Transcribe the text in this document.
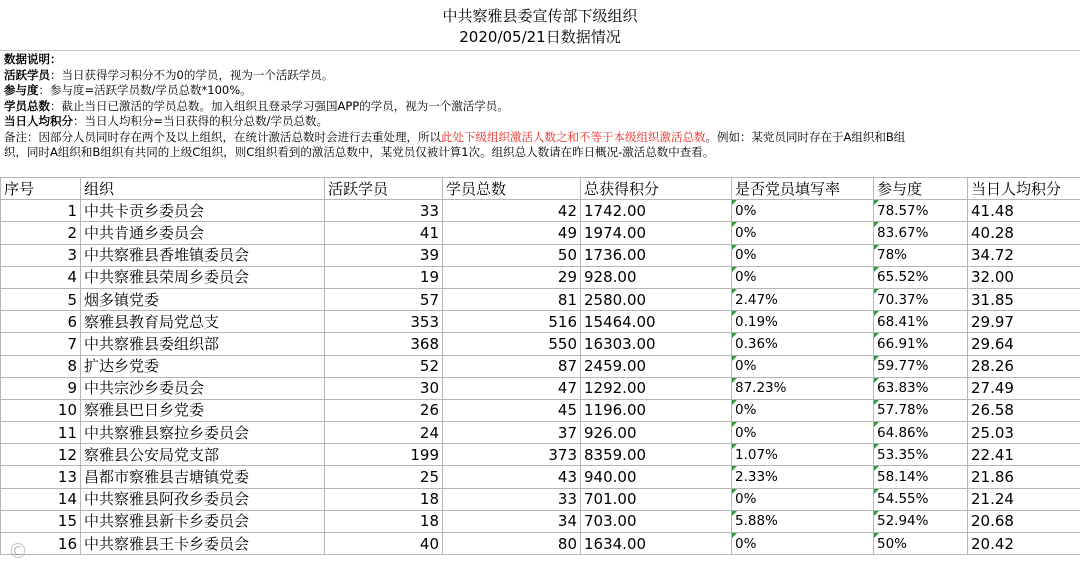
中共察雅县委宣传部下级组织
2020/05/21日数据情况
数据说明：
活跃学员：当日获得学习积分不为0的学员，视为一个活跃学员。
参与度：参与度=活跃学员数/学员总数*100%。
学员总数：截止当日已激活的学员总数。加入组织且登录学习强国APP的学员，视为一个激活学员。
当日人均积分：当日人均积分=当日获得的积分总数/学员总数。
备注：因部分人员同时存在两个及以上组织，在统计激活总数时会进行去重处理，所以此处下级组织激活人数之和不等于本级组织激活总数。例如：某党员同时存在于A组织和B组
织，同时A组织和B组织有共同的上级C组织，则C组织看到的激活总数中，某党员仅被计算1次。组织总人数请在昨日概况-激活总数中查看。
序号	组织	活跃学员	学员总数	总获得积分	是否党员填写率	参与度	当日人均积分
1	中共卡贡乡委员会	33	42	1742.00	0%	78.57%	41.48
2	中共肯通乡委员会	41	49	1974.00	0%	83.67%	40.28
3	中共察雅县香堆镇委员会	39	50	1736.00	0%	78%	34.72
4	中共察雅县荣周乡委员会	19	29	928.00	0%	65.52%	32.00
5	烟多镇党委	57	81	2580.00	2.47%	70.37%	31.85
6	察雅县教育局党总支	353	516	15464.00	0.19%	68.41%	29.97
7	中共察雅县委组织部	368	550	16303.00	0.36%	66.91%	29.64
8	扩达乡党委	52	87	2459.00	0%	59.77%	28.26
9	中共宗沙乡委员会	30	47	1292.00	87.23%	63.83%	27.49
10	察雅县巴日乡党委	26	45	1196.00	0%	57.78%	26.58
11	中共察雅县察拉乡委员会	24	37	926.00	0%	64.86%	25.03
12	察雅县公安局党支部	199	373	8359.00	1.07%	53.35%	22.41
13	昌都市察雅县吉塘镇党委	25	43	940.00	2.33%	58.14%	21.86
14	中共察雅县阿孜乡委员会	18	33	701.00	0%	54.55%	21.24
15	中共察雅县新卡乡委员会	18	34	703.00	5.88%	52.94%	20.68
16	中共察雅县王卡乡委员会	40	80	1634.00	0%	50%	20.42
©
